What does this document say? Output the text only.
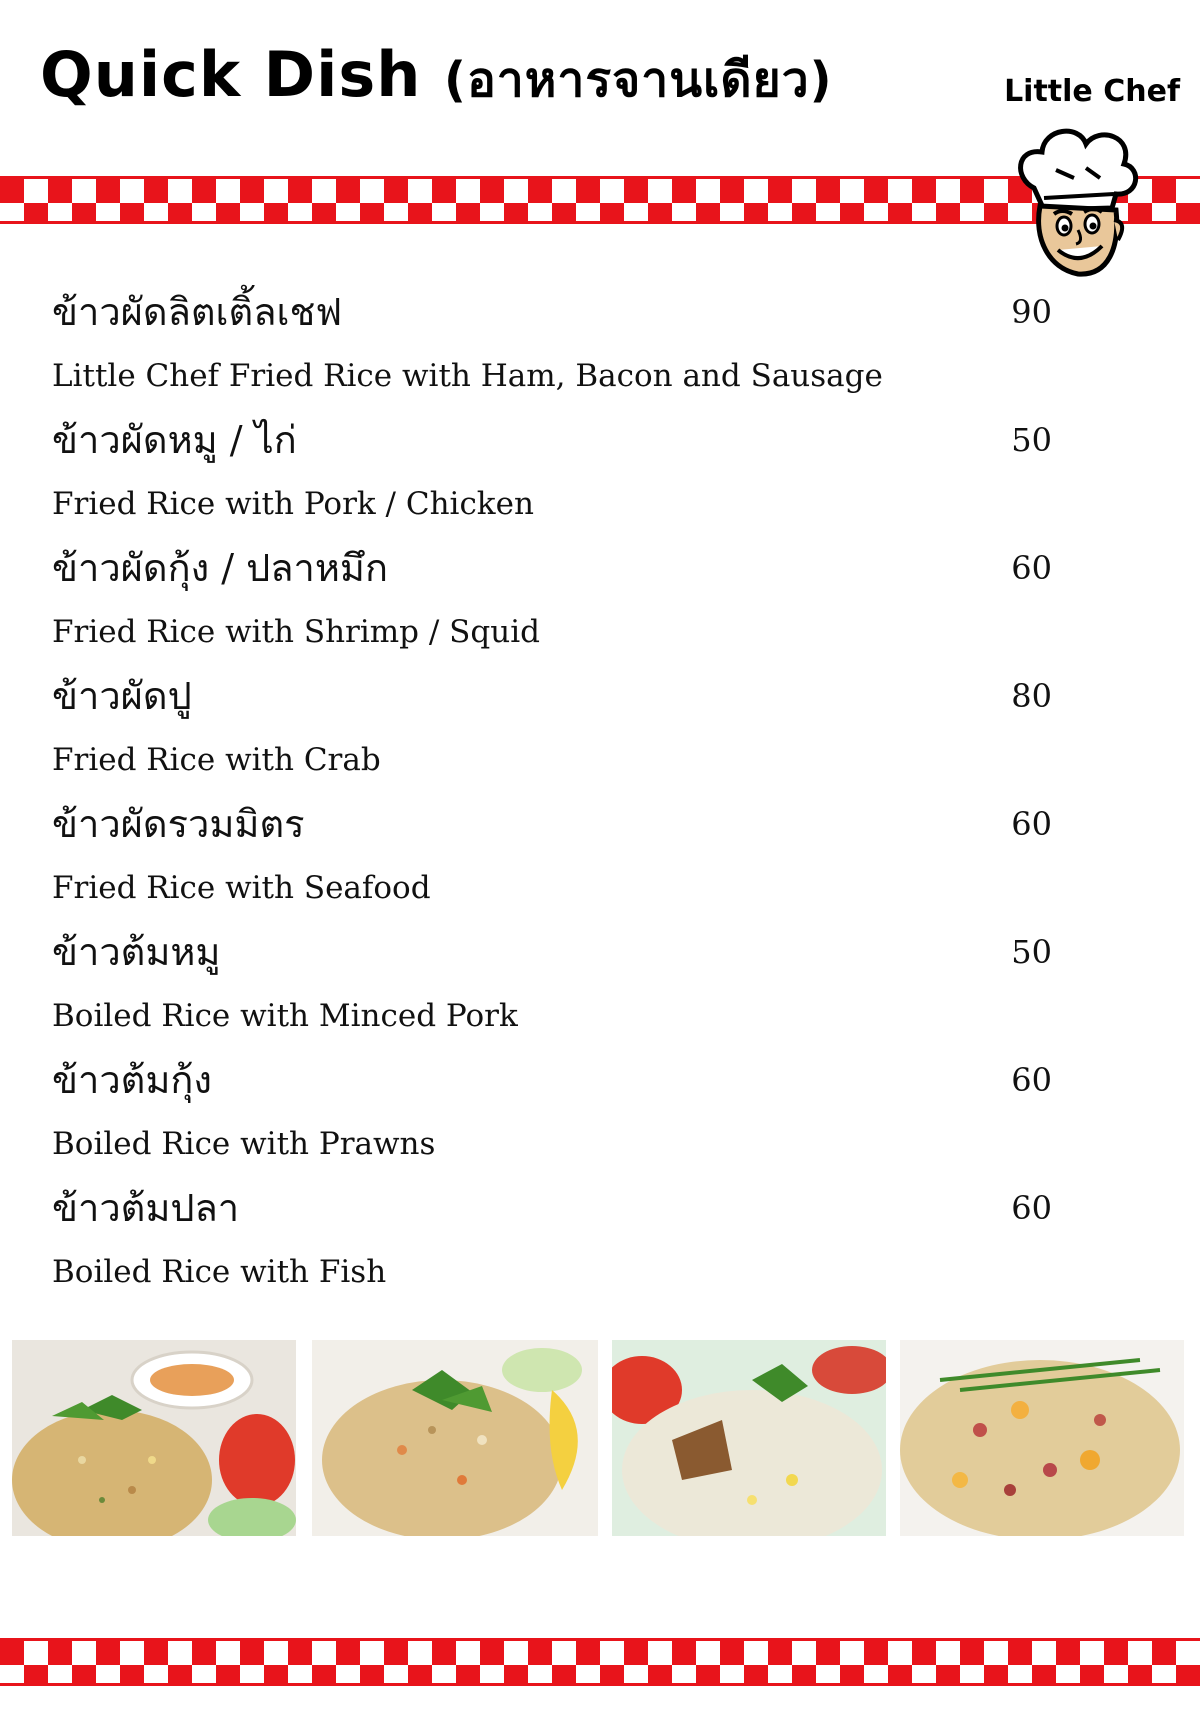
Quick Dish (อาหารจานเดียว)	Little Chef
ข้าวผัดลิตเติ้ลเชฟ	90
Little Chef Fried Rice with Ham, Bacon and Sausage
ข้าวผัดหมู / ไก่	50
Fried Rice with Pork / Chicken
ข้าวผัดกุ้ง / ปลาหมึก	60
Fried Rice with Shrimp / Squid
ข้าวผัดปู	80
Fried Rice with Crab
ข้าวผัดรวมมิตร	60
Fried Rice with Seafood
ข้าวต้มหมู	50
Boiled Rice with Minced Pork
ข้าวต้มกุ้ง	60
Boiled Rice with Prawns
ข้าวต้มปลา	60
Boiled Rice with Fish
